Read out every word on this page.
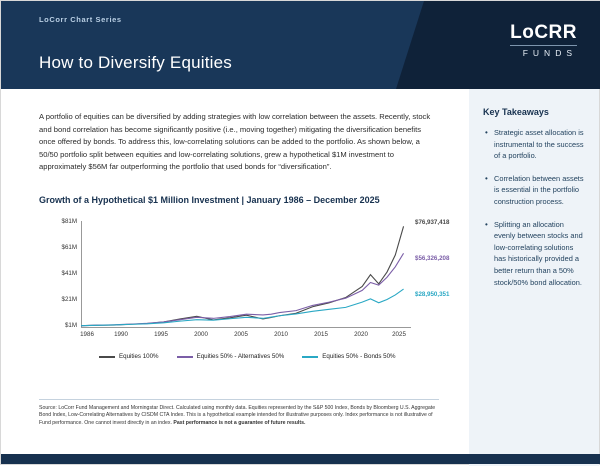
LoCorr Chart Series
How to Diversify Equities
LoCRR
FUNDS

A portfolio of equities can be diversified by adding strategies with low correlation between the assets. Recently, stock and bond correlation has become significantly positive (i.e., moving together) mitigating the diversification benefits once offered by bonds. To address this, low-correlating solutions can be added to the portfolio. As shown below, a 50/50 portfolio split between equities and low-correlating solutions, grew a hypothetical $1M investment to approximately $56M far outperforming the portfolio that used bonds for “diversification”.

Growth of a Hypothetical $1 Million Investment | January 1986 – December 2025
$81M
$61M
$41M
$21M
$1M
1986	1990	1995	2000	2005	2010	2015	2020	2025
$76,937,418
$56,326,208
$28,950,351
Equities 100%	Equities 50% - Alternatives 50%	Equities 50% - Bonds 50%
Source: LoCorr Fund Management and Morningstar Direct. Calculated using monthly data. Equities represented by the S&P 500 Index, Bonds by Bloomberg U.S. Aggregate Bond Index, Low-Correlating Alternatives by CISDM CTA Index. This is a hypothetical example intended for illustrative purposes only. Index performance is not illustrative of Fund performance. One cannot invest directly in an index. Past performance is not a guarantee of future results.
Key Takeaways
• Strategic asset allocation is instrumental to the success of a portfolio.
• Correlation between assets is essential in the portfolio construction process.
• Splitting an allocation evenly between stocks and low-correlating solutions has historically provided a better return than a 50% stock/50% bond allocation.
